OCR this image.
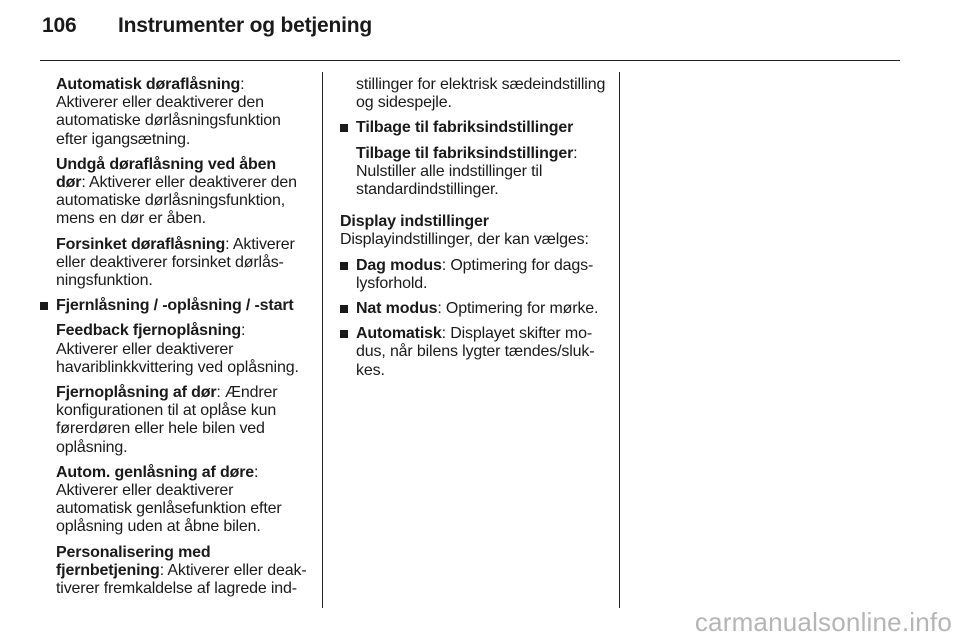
106 Instrumenter og betjening
Automatisk døraflåsning: Aktiverer eller deaktiverer den automatiske dørlåsningsfunktion efter igangsætning.
Undgå døraflåsning ved åben dør: Aktiverer eller deaktiverer den automatiske dørlåsningsfunktion, mens en dør er åben.
Forsinket døraflåsning: Aktiverer eller deaktiverer forsinket dørlåsningsfunktion.
Fjernlåsning / -oplåsning / -start
Feedback fjernoplåsning: Aktiverer eller deaktiverer havariblinkkvittering ved oplåsning.
Fjernoplåsning af dør: Ændrer konfigurationen til at oplåse kun førerdøren eller hele bilen ved oplåsning.
Autom. genlåsning af døre: Aktiverer eller deaktiverer automatisk genlåsefunktion efter oplåsning uden at åbne bilen.
Personalisering med fjernbetjening: Aktiverer eller deaktiverer fremkaldelse af lagrede ind-
stillinger for elektrisk sædeindstilling og sidespejle.
Tilbage til fabriksindstillinger
Tilbage til fabriksindstillinger: Nulstiller alle indstillinger til standardindstillinger.
Display indstillinger
Displayindstillinger, der kan vælges:
Dag modus: Optimering for dagslysforhold.
Nat modus: Optimering for mørke.
Automatisk: Displayet skifter modus, når bilens lygter tændes/slukkes.
carmanualsonline.info
